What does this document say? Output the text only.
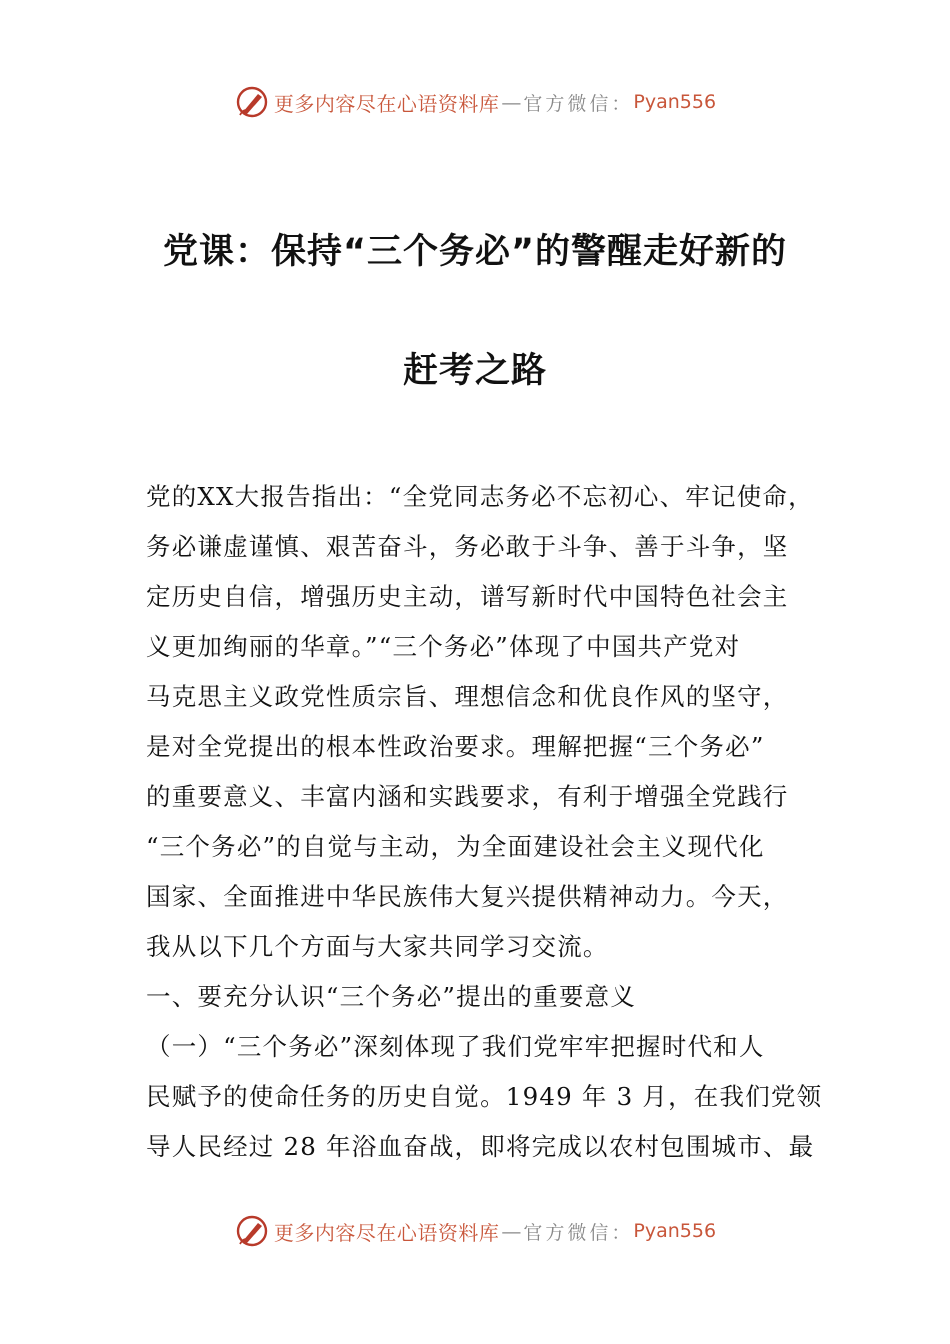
更多内容尽在心语资料库 — 官方微信： Pyan556
党课：保持“三个务必”的警醒走好新的
赶考之路
党的XX大报告指出：“全党同志务必不忘初心、牢记使命，
务必谦虚谨慎、艰苦奋斗，务必敢于斗争、善于斗争，坚
定历史自信，增强历史主动，谱写新时代中国特色社会主
义更加绚丽的华章。”“三个务必”体现了中国共产党对
马克思主义政党性质宗旨、理想信念和优良作风的坚守，
是对全党提出的根本性政治要求。理解把握“三个务必”
的重要意义、丰富内涵和实践要求，有利于增强全党践行
“三个务必”的自觉与主动，为全面建设社会主义现代化
国家、全面推进中华民族伟大复兴提供精神动力。今天，
我从以下几个方面与大家共同学习交流。
一、要充分认识“三个务必”提出的重要意义
（一）“三个务必”深刻体现了我们党牢牢把握时代和人
民赋予的使命任务的历史自觉。1949 年 3 月，在我们党领
导人民经过 28 年浴血奋战，即将完成以农村包围城市、最
更多内容尽在心语资料库 — 官方微信： Pyan556
